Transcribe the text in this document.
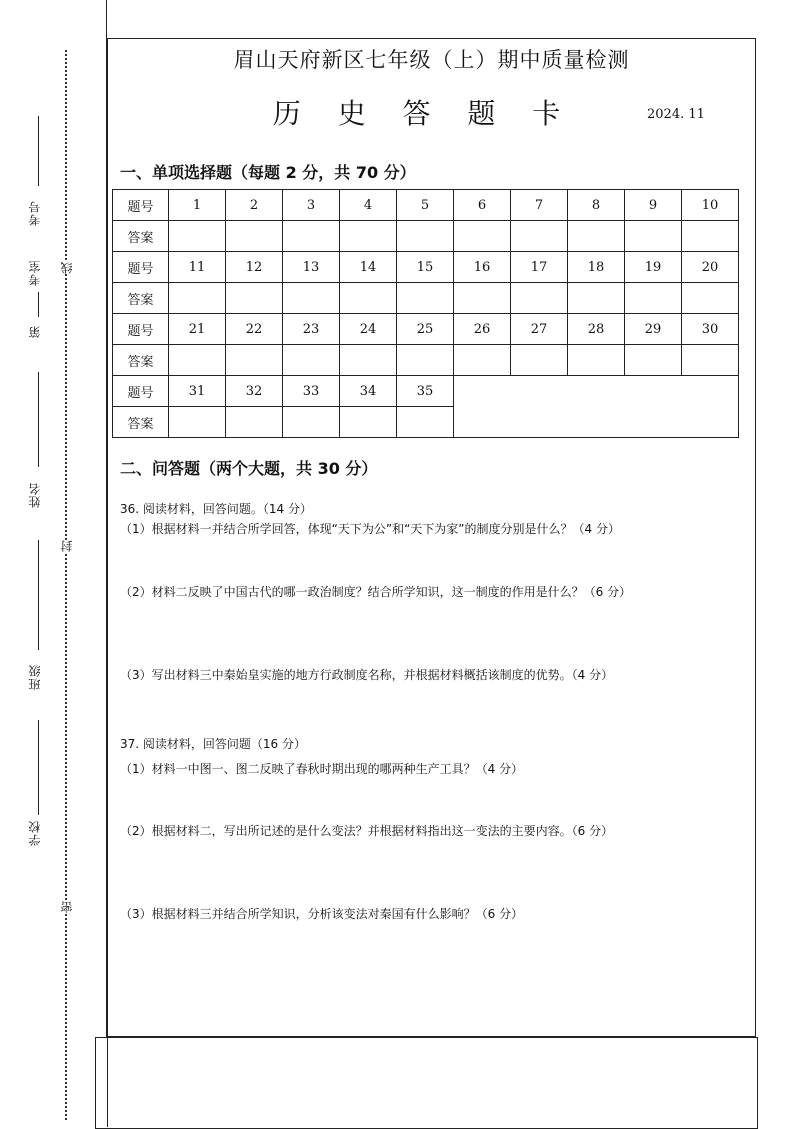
考号
考室
第
姓名
班级
学校
线
封
密
眉山天府新区七年级（上）期中质量检测
历 史 答 题 卡	2024. 11
一、单项选择题（每题 2 分，共 70 分）
题号	1	2	3	4	5	6	7	8	9	10
答案										
题号	11	12	13	14	15	16	17	18	19	20
答案										
题号	21	22	23	24	25	26	27	28	29	30
答案										
题号	31	32	33	34	35					
答案										
二、问答题（两个大题，共 30 分）
36. 阅读材料，回答问题。（14 分）
（1）根据材料一并结合所学回答，体现“天下为公”和“天下为家”的制度分别是什么？（4 分）
（2）材料二反映了中国古代的哪一政治制度？结合所学知识，这一制度的作用是什么？（6 分）
（3）写出材料三中秦始皇实施的地方行政制度名称，并根据材料概括该制度的优势。（4 分）
37. 阅读材料，回答问题（16 分）
（1）材料一中图一、图二反映了春秋时期出现的哪两种生产工具？（4 分）
（2）根据材料二，写出所记述的是什么变法？并根据材料指出这一变法的主要内容。（6 分）
（3）根据材料三并结合所学知识，分析该变法对秦国有什么影响？（6 分）
